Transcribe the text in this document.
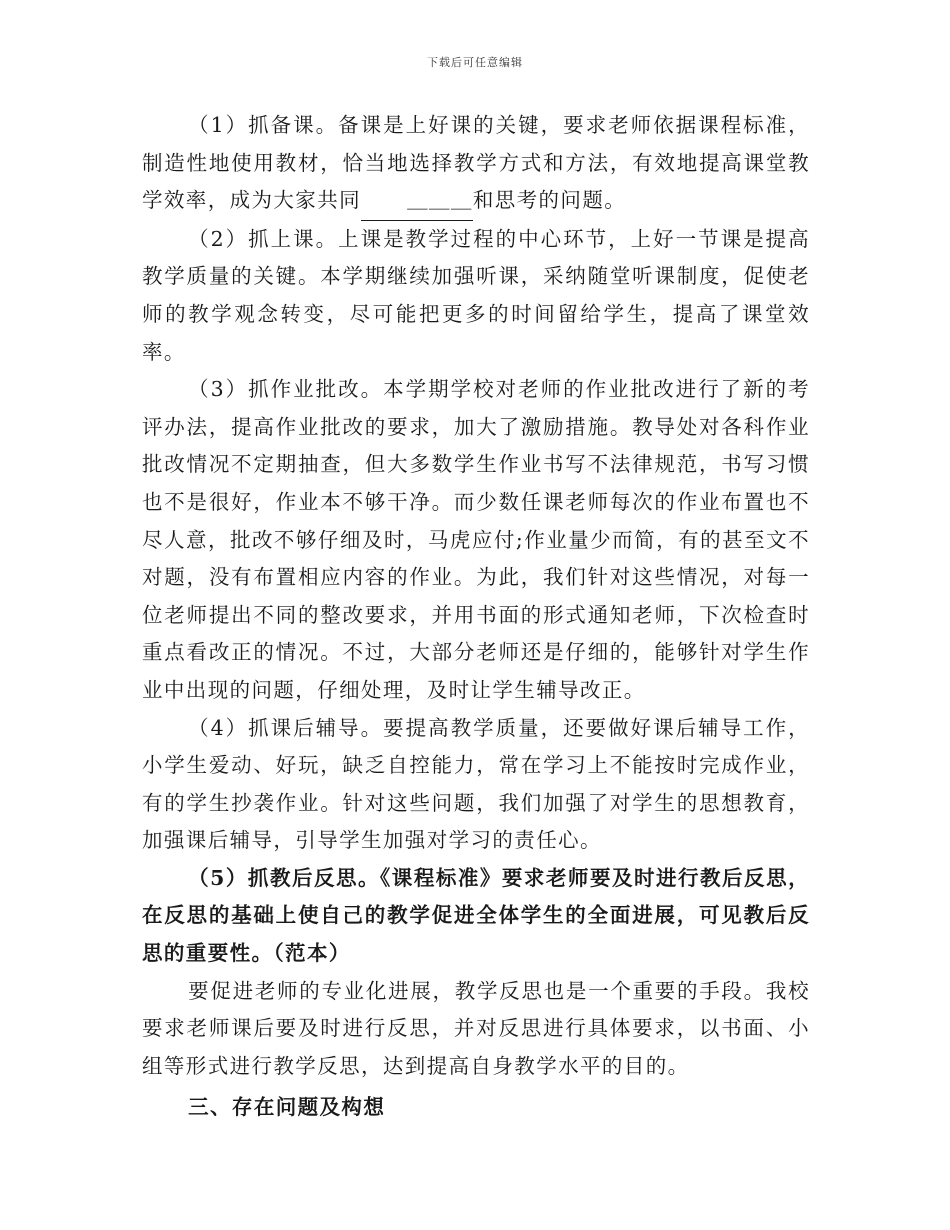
下载后可任意编辑

（1）抓备课。备课是上好课的关键，要求老师依据课程标准，制造性地使用教材，恰当地选择教学方式和方法，有效地提高课堂教学效率，成为大家共同 ＿＿＿和思考的问题。

（2）抓上课。上课是教学过程的中心环节，上好一节课是提高教学质量的关键。本学期继续加强听课，采纳随堂听课制度，促使老师的教学观念转变，尽可能把更多的时间留给学生，提高了课堂效率。

（3）抓作业批改。本学期学校对老师的作业批改进行了新的考评办法，提高作业批改的要求，加大了激励措施。教导处对各科作业批改情况不定期抽查，但大多数学生作业书写不法律规范，书写习惯也不是很好，作业本不够干净。而少数任课老师每次的作业布置也不尽人意，批改不够仔细及时，马虎应付;作业量少而简，有的甚至文不对题，没有布置相应内容的作业。为此，我们针对这些情况，对每一位老师提出不同的整改要求，并用书面的形式通知老师，下次检查时重点看改正的情况。不过，大部分老师还是仔细的，能够针对学生作业中出现的问题，仔细处理，及时让学生辅导改正。

（4）抓课后辅导。要提高教学质量，还要做好课后辅导工作，小学生爱动、好玩，缺乏自控能力，常在学习上不能按时完成作业，有的学生抄袭作业。针对这些问题，我们加强了对学生的思想教育，加强课后辅导，引导学生加强对学习的责任心。

（5）抓教后反思。《课程标准》要求老师要及时进行教后反思，在反思的基础上使自己的教学促进全体学生的全面进展，可见教后反思的重要性。（范本）

要促进老师的专业化进展，教学反思也是一个重要的手段。我校要求老师课后要及时进行反思，并对反思进行具体要求，以书面、小组等形式进行教学反思，达到提高自身教学水平的目的。

三、存在问题及构想
